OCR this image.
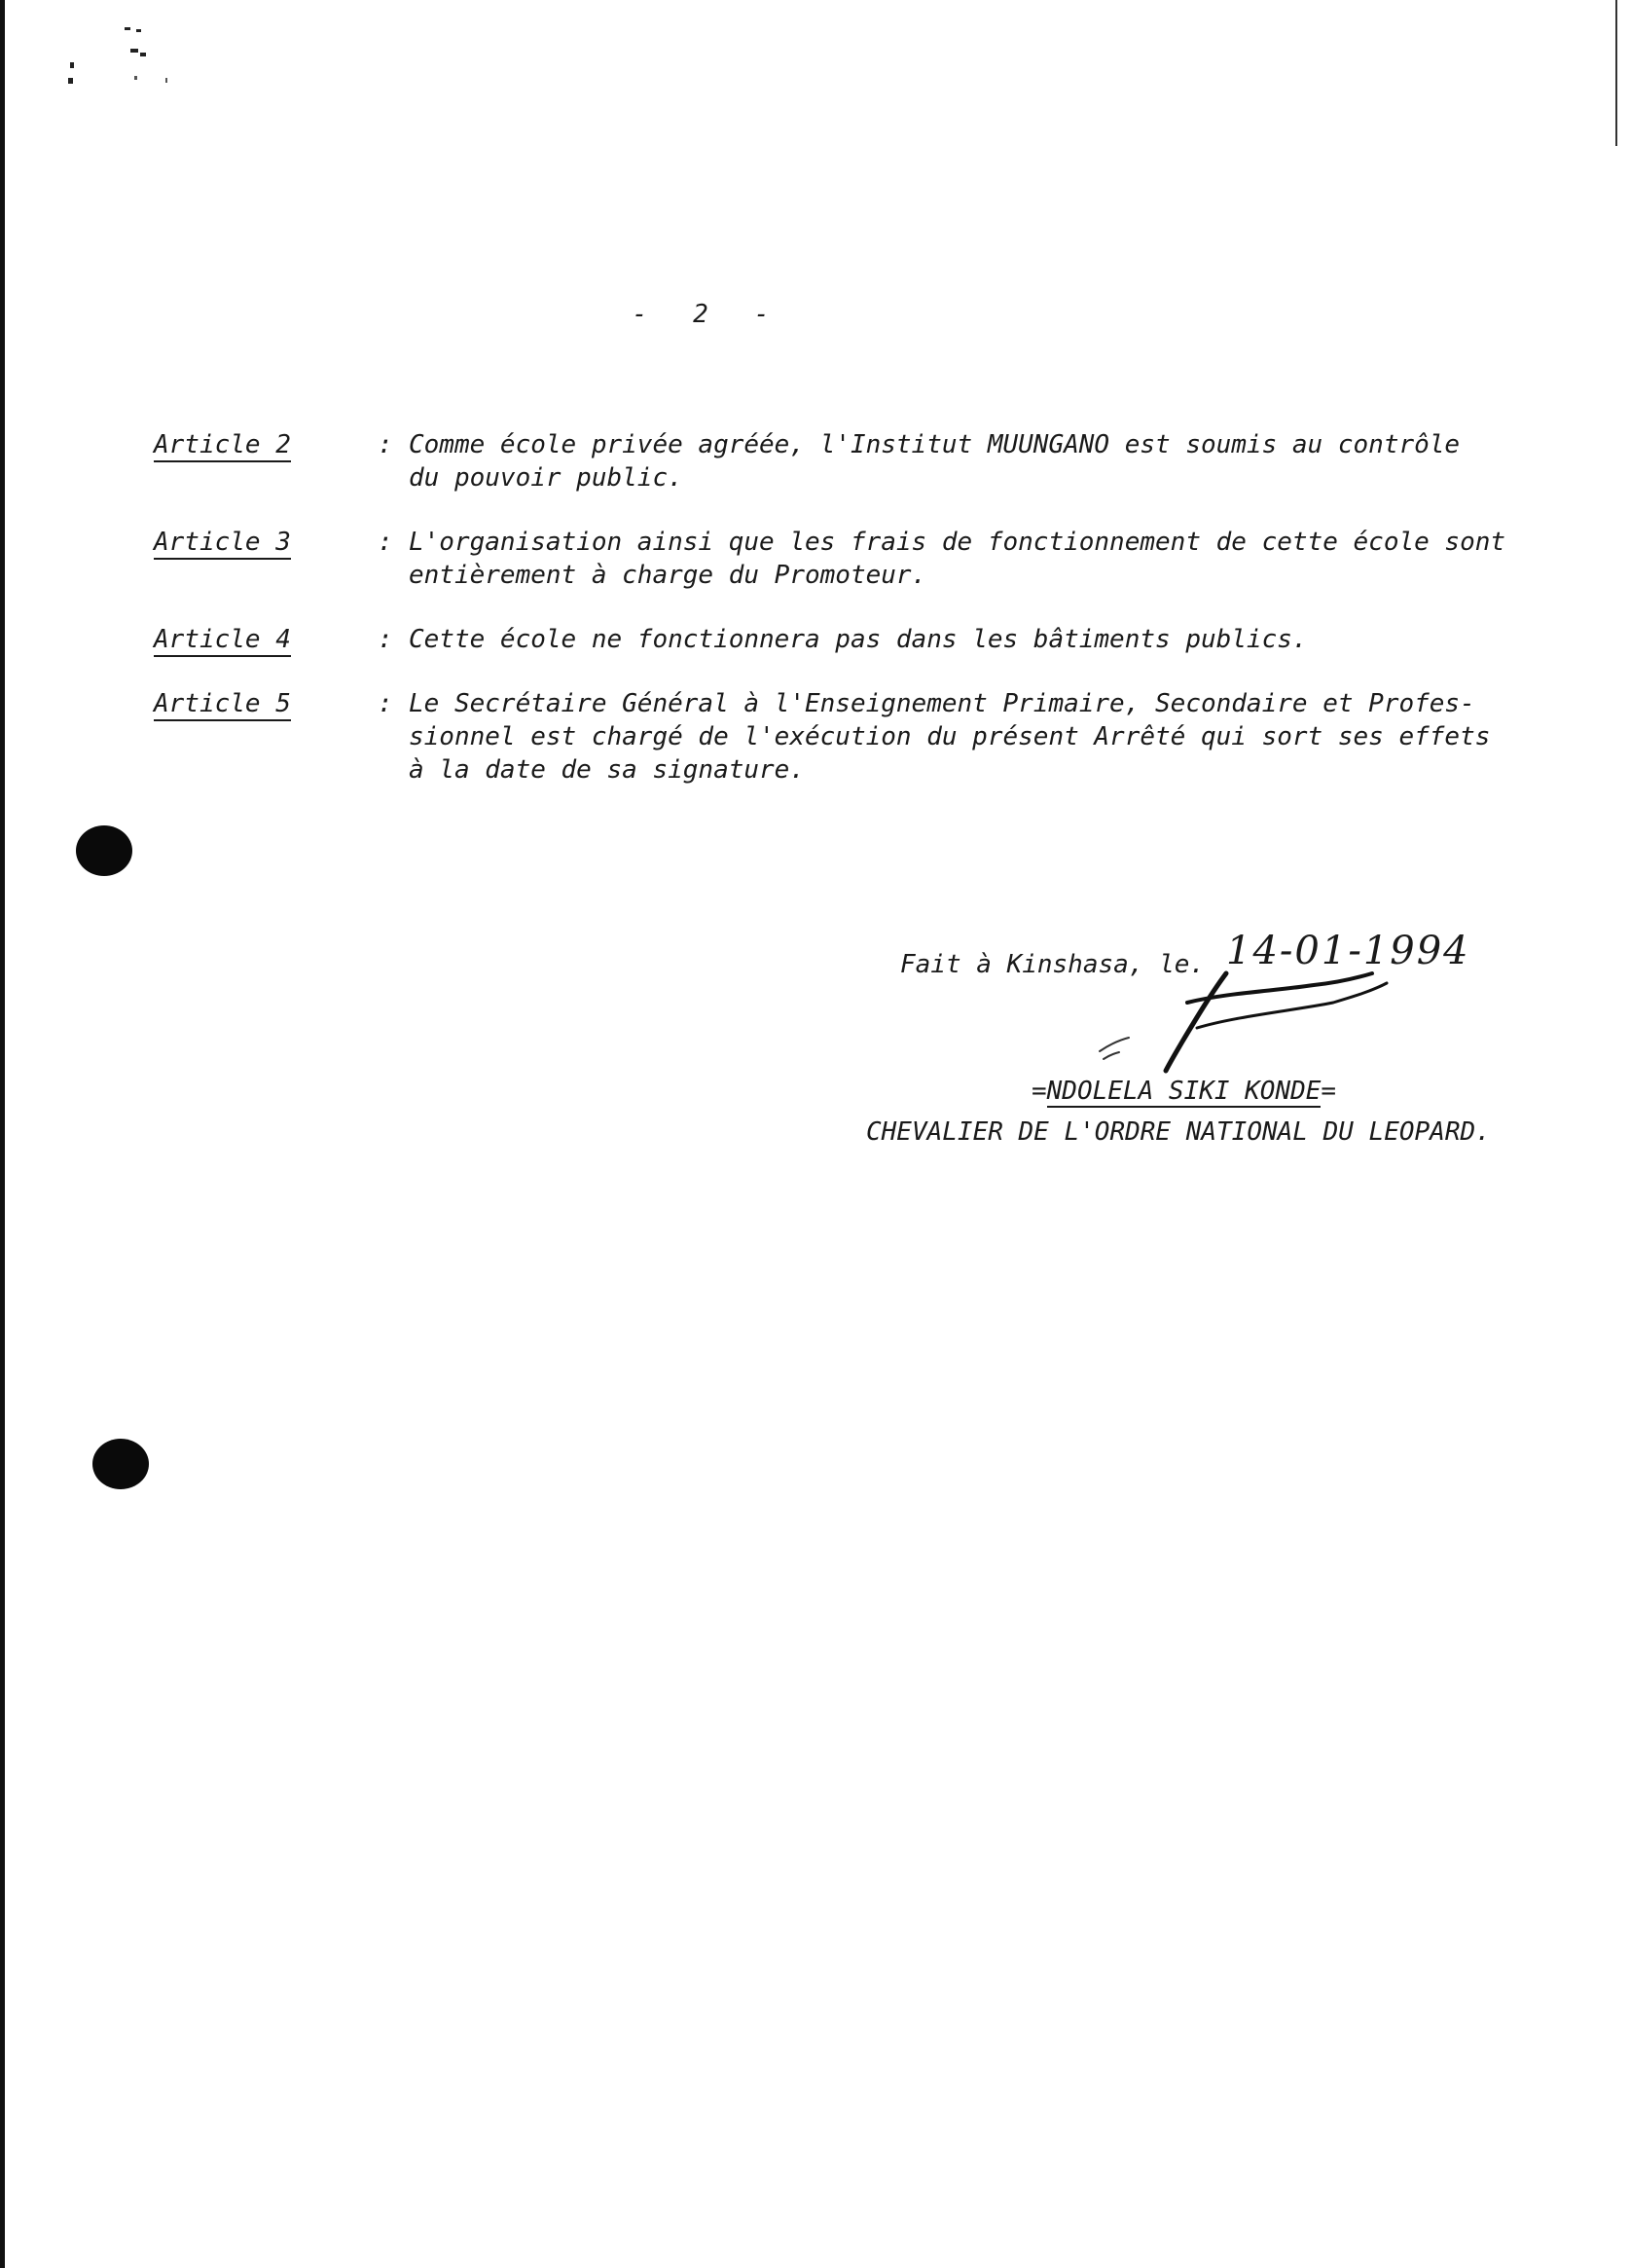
-   2   -
Article 2	: Comme école privée agréée, l'Institut MUUNGANO est soumis au contrôle
du pouvoir public.
Article 3	: L'organisation ainsi que les frais de fonctionnement de cette école sont
entièrement à charge du Promoteur.
Article 4	: Cette école ne fonctionnera pas dans les bâtiments publics.
Article 5	: Le Secrétaire Général à l'Enseignement Primaire, Secondaire et Profes-
sionnel est chargé de l'exécution du présent Arrêté qui sort ses effets
à la date de sa signature.
Fait à Kinshasa, le. 14-01-1994
=NDOLELA SIKI KONDE=
CHEVALIER DE L'ORDRE NATIONAL DU LEOPARD.
